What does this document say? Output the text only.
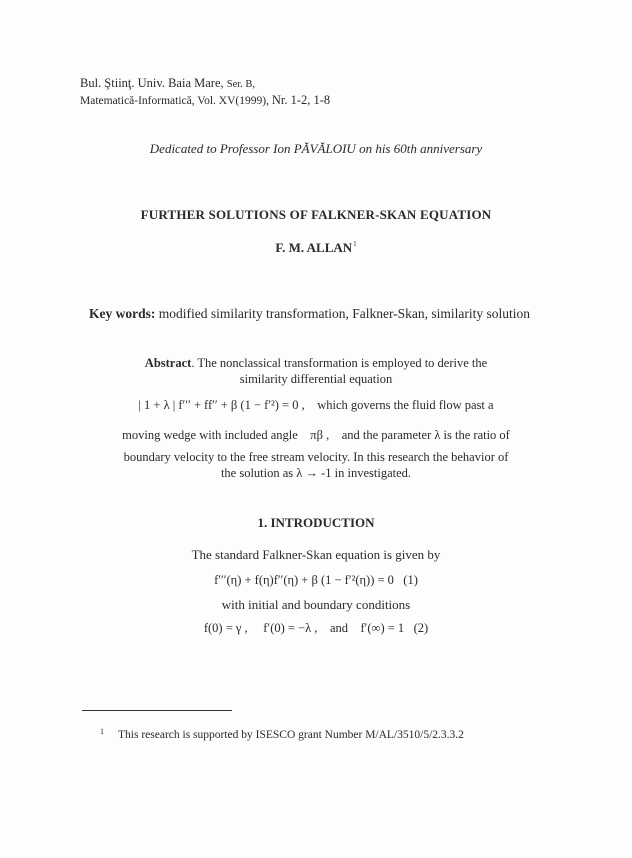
Bul. Ştiinţ. Univ. Baia Mare, Ser. B,
Matematică-Informatică, Vol. XV(1999), Nr. 1-2, 1-8
Dedicated to Professor Ion PĂVĂLOIU on his 60th anniversary
FURTHER SOLUTIONS OF FALKNER-SKAN EQUATION
F. M. ALLAN$^1$
Key words: modified similarity transformation, Falkner-Skan, similarity solution
Abstract. The nonclassical transformation is employed to derive the
similarity differential equation
| 1 + λ | f′′′ + ff′′ + β (1 − f′²) = 0 , which governs the fluid flow past a
moving wedge with included angle πβ , and the parameter λ is the ratio of
boundary velocity to the free stream velocity. In this research the behavior of
the solution as λ → -1 in investigated.
1. INTRODUCTION
The standard Falkner-Skan equation is given by
f′′′(η) + f(η)f′′(η) + β (1 − f′²(η)) = 0 (1)
with initial and boundary conditions
f(0) = γ , f′(0) = −λ , and f′(∞) = 1 (2)
$^1$ This research is supported by ISESCO grant Number M/AL/3510/5/2.3.3.2
